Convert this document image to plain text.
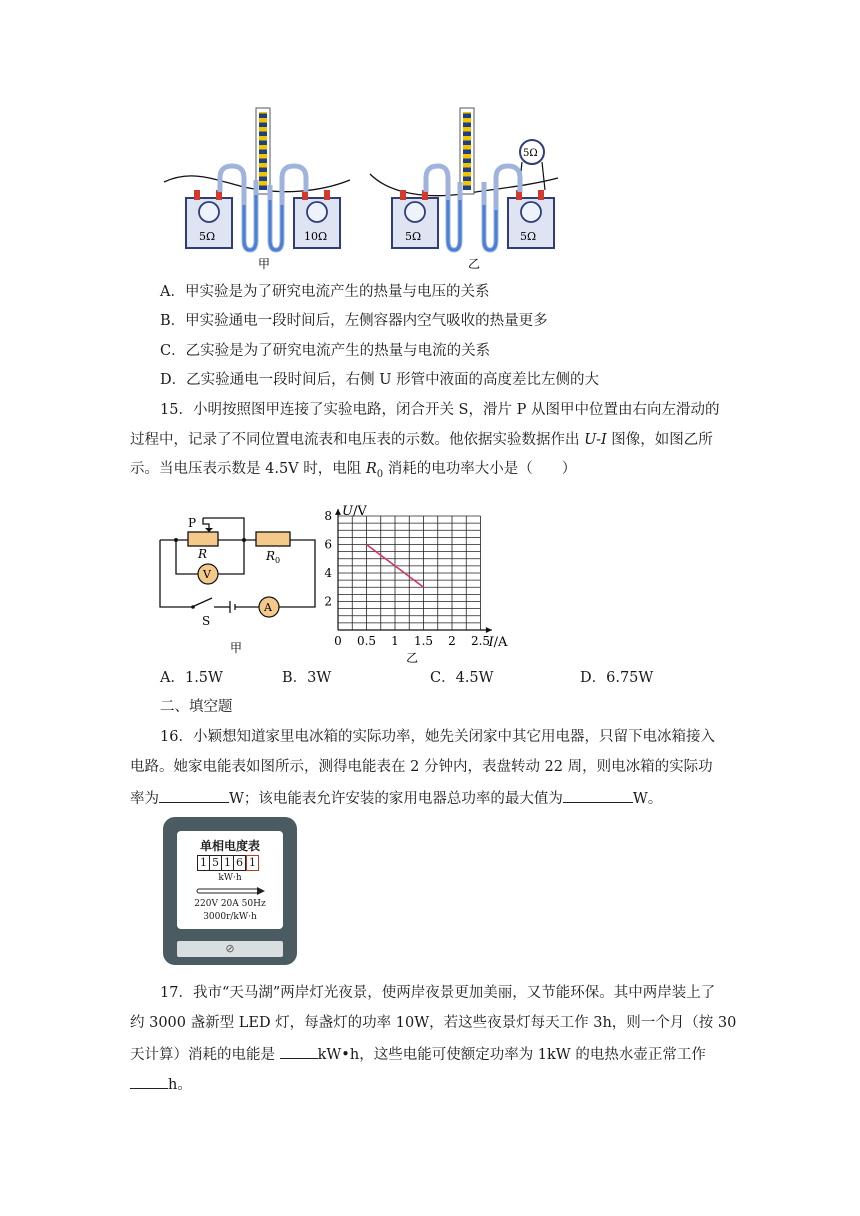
5Ω	10Ω
甲
5Ω
5Ω	5Ω
乙
A．甲实验是为了研究电流产生的热量与电压的关系
B．甲实验通电一段时间后，左侧容器内空气吸收的热量更多
C．乙实验是为了研究电流产生的热量与电流的关系
D．乙实验通电一段时间后，右侧 U 形管中液面的高度差比左侧的大
15．小明按照图甲连接了实验电路，闭合开关 S，滑片 P 从图甲中位置由右向左滑动的
过程中，记录了不同位置电流表和电压表的示数。他依据实验数据作出 U-I 图像，如图乙所
示。当电压表示数是 4.5V 时，电阻 $R_0$ 消耗的电功率大小是（　　）
P
R	R 0
V
A
S
甲	0 0.5 1 1.5 2 2.5
2
4
6
8 U/V
I/A
乙
A．1.5W	B．3W	C．4.5W	D．6.75W
二、填空题
16．小颖想知道家里电冰箱的实际功率，她先关闭家中其它用电器，只留下电冰箱接入
电路。她家电能表如图所示，测得电能表在 2 分钟内，表盘转动 22 周，则电冰箱的实际功
率为	W；该电能表允许安装的家用电器总功率的最大值为	W。
单相电度表
1 5 1 6 1
kW·h
220V 20A 50Hz
3000r/kW·h
⊘
17．我市“天马湖”两岸灯光夜景，使两岸夜景更加美丽，又节能环保。其中两岸装上了
约 3000 盏新型 LED 灯，每盏灯的功率 10W，若这些夜景灯每天工作 3h，则一个月（按 30
天计算）消耗的电能是	kW•h，这些电能可使额定功率为 1kW 的电热水壶正常工作
h。
